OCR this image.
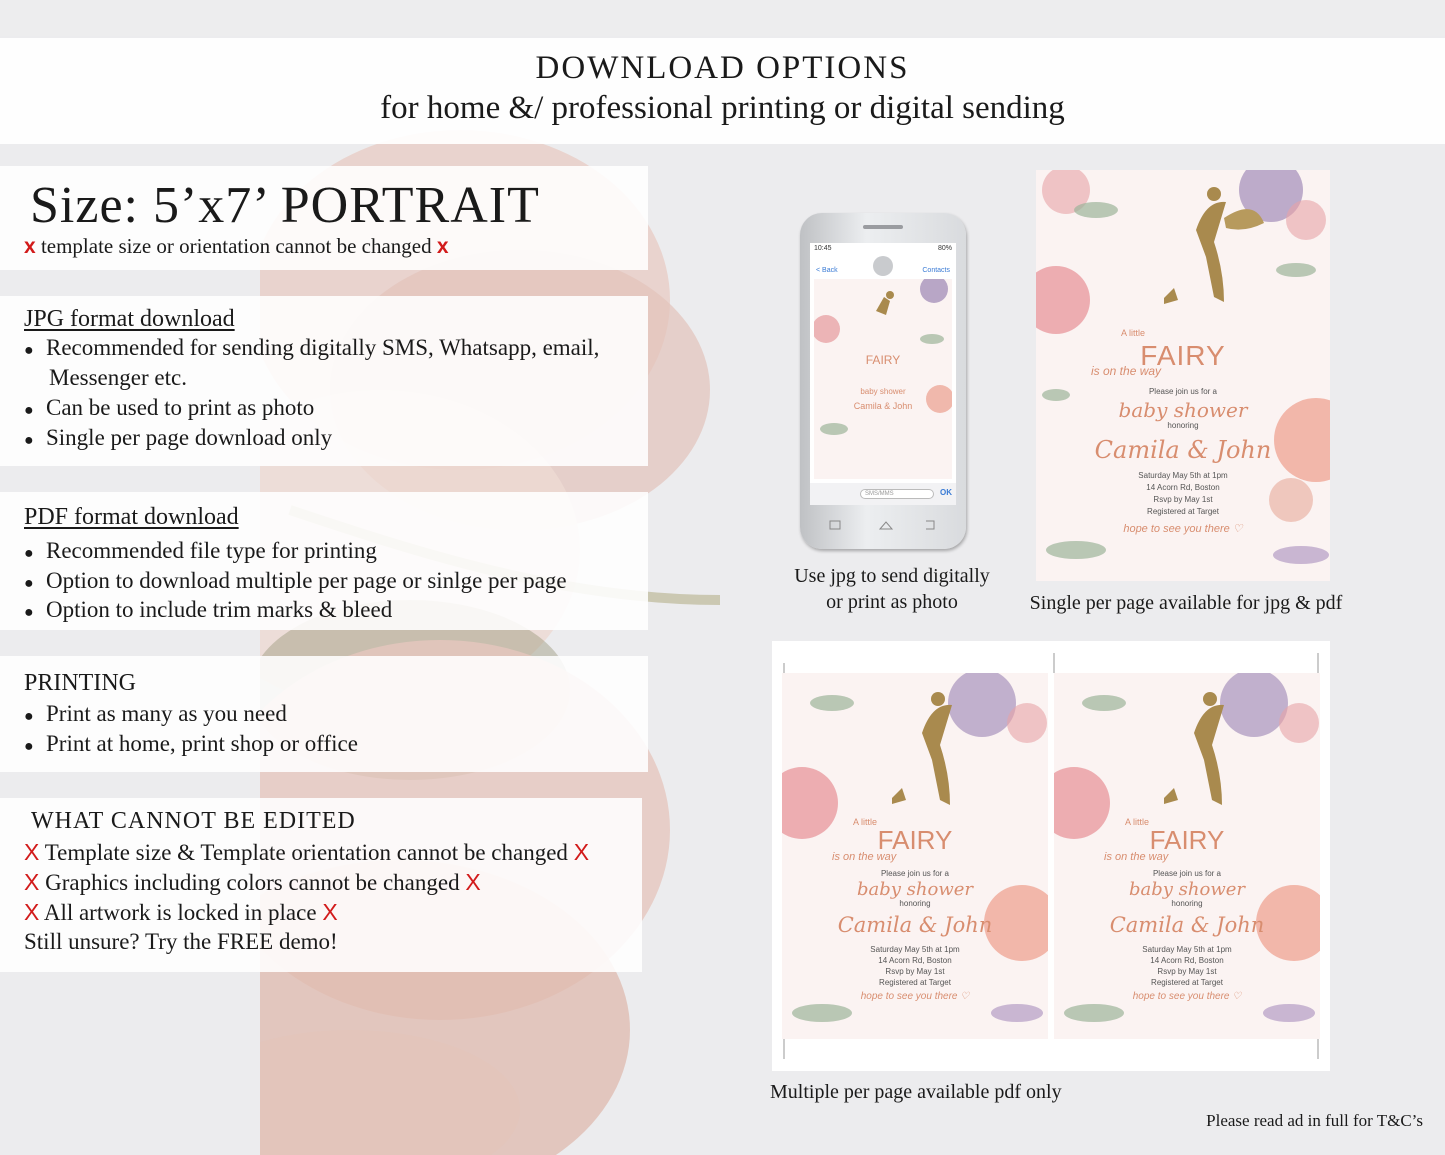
DOWNLOAD OPTIONS
for home &/ professional printing or digital sending
Size: 5’x7’ PORTRAIT
x template size or orientation cannot be changed x
JPG format download
● Recommended for sending digitally SMS, Whatsapp, email,
Messenger etc.
● Can be used to print as photo
● Single per page download only
PDF format download
● Recommended file type for printing
● Option to download multiple per page or sinlge per page
● Option to include trim marks & bleed
PRINTING
● Print as many as you need
● Print at home, print shop or office
WHAT CANNOT BE EDITED
X Template size & Template orientation cannot be changed X
X Graphics including colors cannot be changed X
X All artwork is locked in place X
Still unsure? Try the FREE demo!
10:45	80%
< Back	Contacts
FAIRY
baby shower
Camila & John
SMS/MMS	OK
A little
FAIRY
is on the way
Please join us for a
baby shower
honoring
Camila & John
Saturday May 5th at 1pm
14 Acorn Rd, Boston
Rsvp by May 1st
Registered at Target
hope to see you there ♡
Use jpg to send digitally
or print as photo	Single per page available for jpg & pdf
A little
FAIRY
is on the way
Please join us for a
baby shower
honoring
Camila & John
Saturday May 5th at 1pm
14 Acorn Rd, Boston
Rsvp by May 1st
Registered at Target
hope to see you there ♡
A little
FAIRY
is on the way
Please join us for a
baby shower
honoring
Camila & John
Saturday May 5th at 1pm
14 Acorn Rd, Boston
Rsvp by May 1st
Registered at Target
hope to see you there ♡
Multiple per page available pdf only
Please read ad in full for T&C’s
